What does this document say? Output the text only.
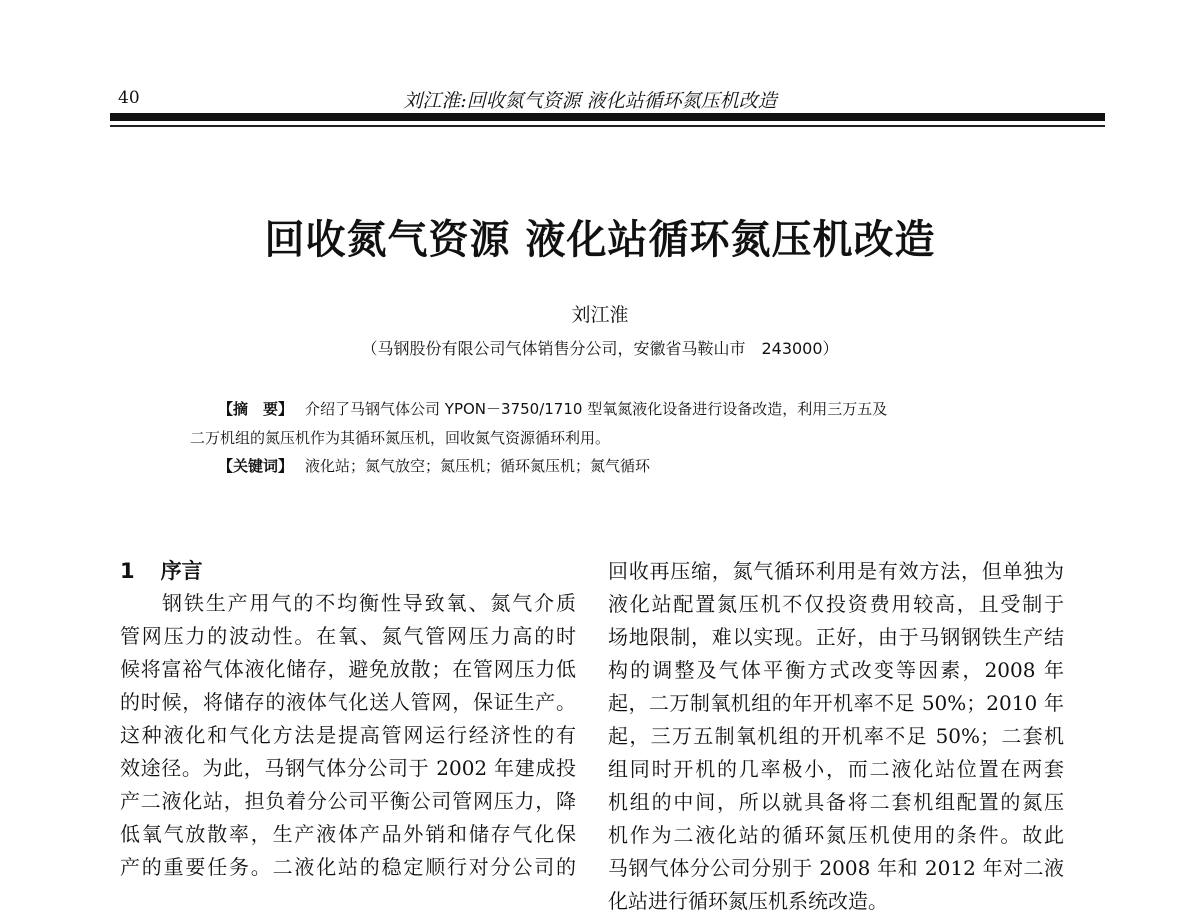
40	刘江淮:回收氮气资源 液化站循环氮压机改造
回收氮气资源 液化站循环氮压机改造
刘江淮
（马钢股份有限公司气体销售分公司，安徽省马鞍山市　243000）
【摘　要】 介绍了马钢气体公司 YPON－3750/1710 型氧氮液化设备进行设备改造，利用三万五及
二万机组的氮压机作为其循环氮压机，回收氮气资源循环利用。
【关键词】 液化站；氮气放空；氮压机；循环氮压机；氮气循环
1 序言
钢铁生产用气的不均衡性导致氧、氮气介质
管网压力的波动性。在氧、氮气管网压力高的时
候将富裕气体液化储存，避免放散；在管网压力低
的时候，将储存的液体气化送人管网，保证生产。
这种液化和气化方法是提高管网运行经济性的有
效途径。为此，马钢气体分公司于 2002 年建成投
产二液化站，担负着分公司平衡公司管网压力，降
低氧气放散率，生产液体产品外销和储存气化保
产的重要任务。二液化站的稳定顺行对分公司的
回收再压缩，氮气循环利用是有效方法，但单独为
液化站配置氮压机不仅投资费用较高，且受制于
场地限制，难以实现。正好，由于马钢钢铁生产结
构的调整及气体平衡方式改变等因素，2008 年
起，二万制氧机组的年开机率不足 50%；2010 年
起，三万五制氧机组的开机率不足 50%；二套机
组同时开机的几率极小，而二液化站位置在两套
机组的中间，所以就具备将二套机组配置的氮压
机作为二液化站的循环氮压机使用的条件。故此
马钢气体分公司分别于 2008 年和 2012 年对二液
化站进行循环氮压机系统改造。
